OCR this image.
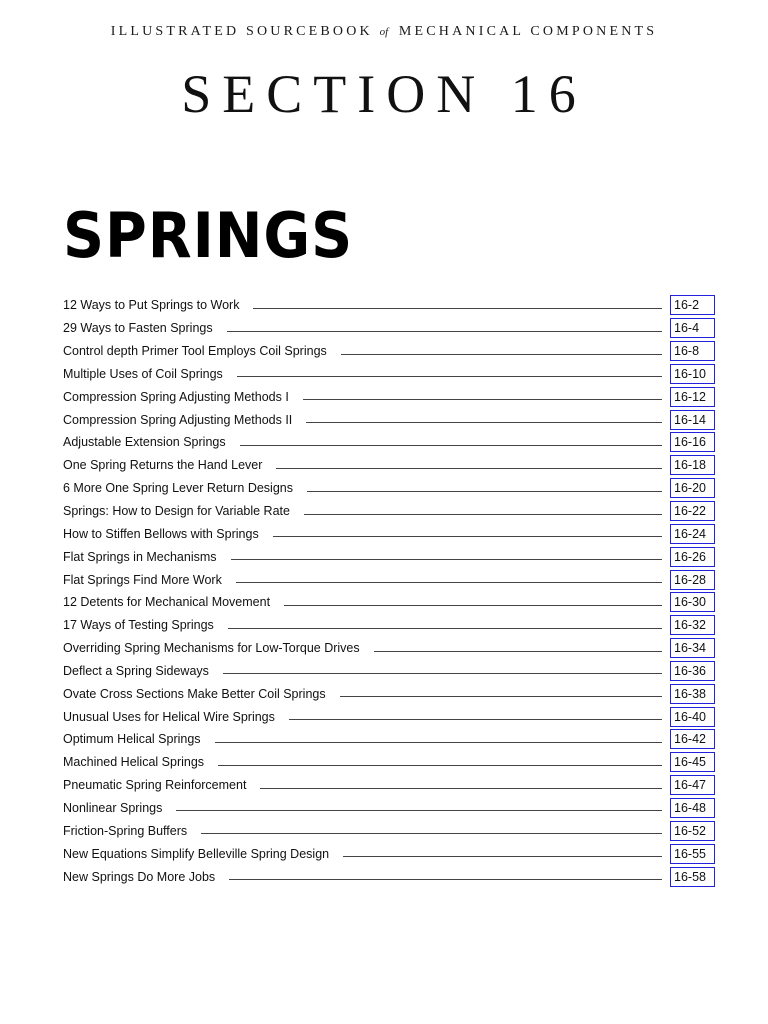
ILLUSTRATED SOURCEBOOK of MECHANICAL COMPONENTS
SECTION 16
SPRINGS
12 Ways to Put Springs to Work	16-2
29 Ways to Fasten Springs	16-4
Control depth Primer Tool Employs Coil Springs	16-8
Multiple Uses of Coil Springs	16-10
Compression Spring Adjusting Methods I	16-12
Compression Spring Adjusting Methods II	16-14
Adjustable Extension Springs	16-16
One Spring Returns the Hand Lever	16-18
6 More One Spring Lever Return Designs	16-20
Springs: How to Design for Variable Rate	16-22
How to Stiffen Bellows with Springs	16-24
Flat Springs in Mechanisms	16-26
Flat Springs Find More Work	16-28
12 Detents for Mechanical Movement	16-30
17 Ways of Testing Springs	16-32
Overriding Spring Mechanisms for Low-Torque Drives	16-34
Deflect a Spring Sideways	16-36
Ovate Cross Sections Make Better Coil Springs	16-38
Unusual Uses for Helical Wire Springs	16-40
Optimum Helical Springs	16-42
Machined Helical Springs	16-45
Pneumatic Spring Reinforcement	16-47
Nonlinear Springs	16-48
Friction-Spring Buffers	16-52
New Equations Simplify Belleville Spring Design	16-55
New Springs Do More Jobs	16-58
